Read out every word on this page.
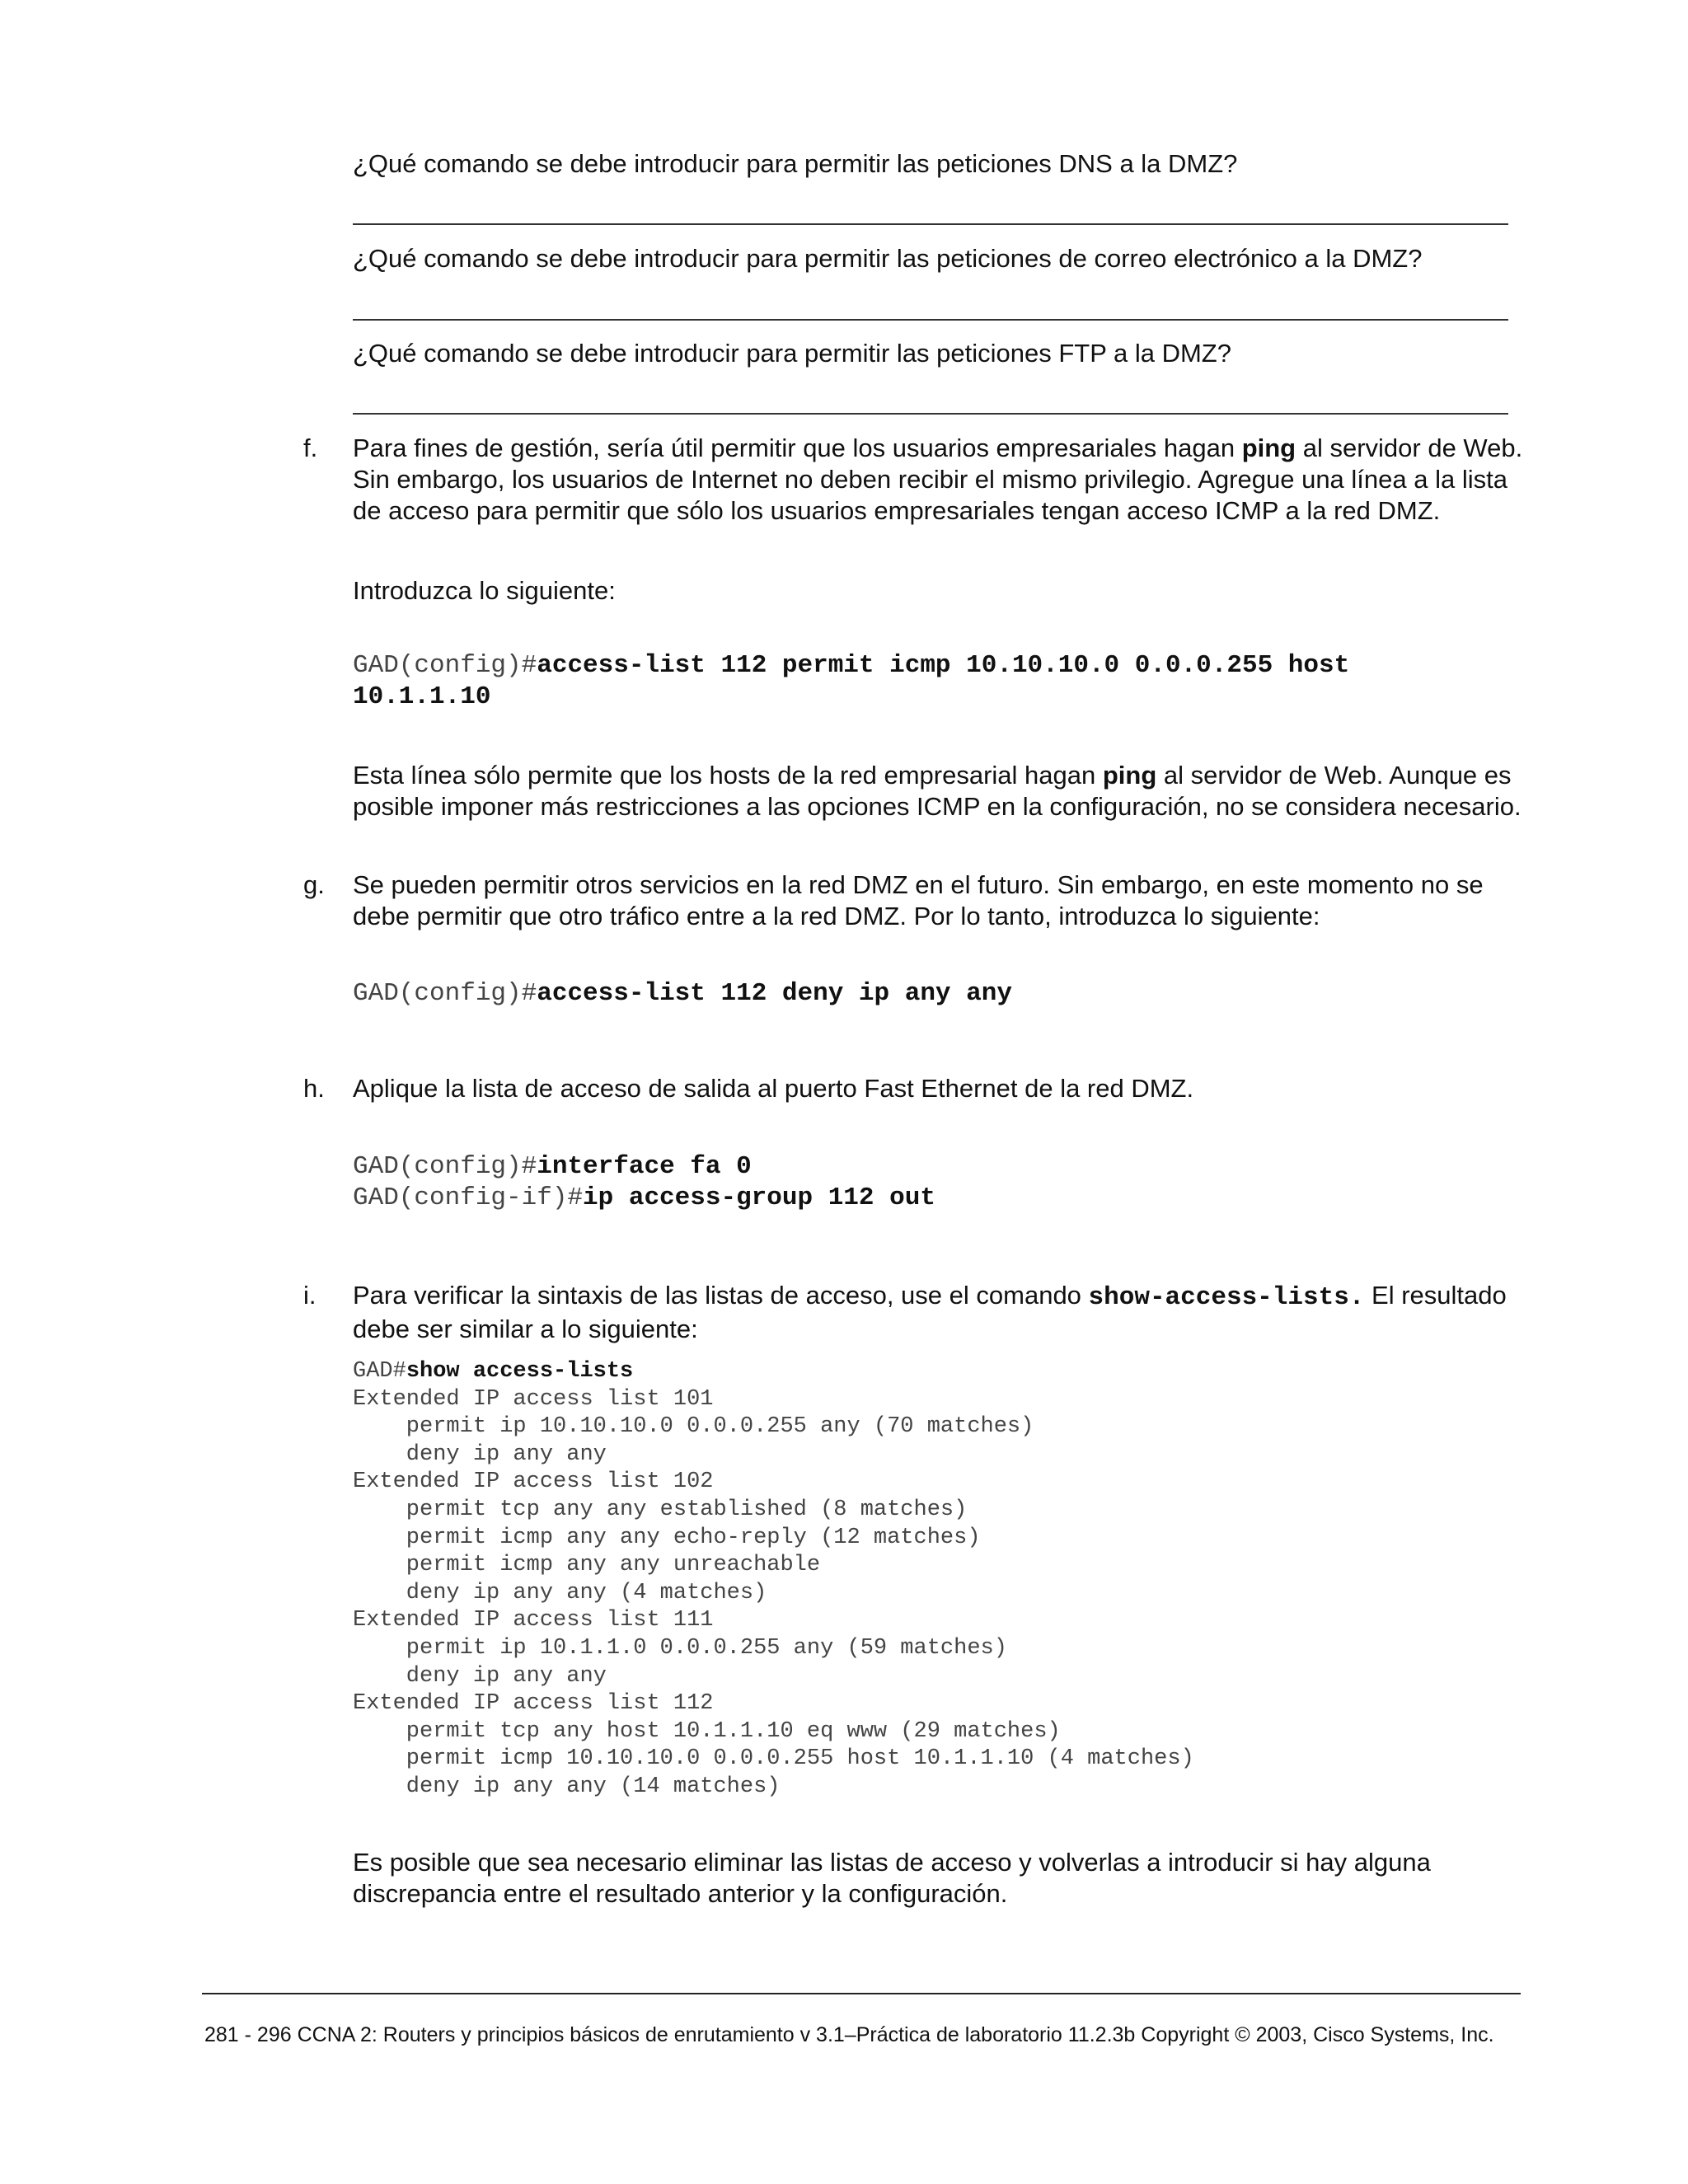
¿Qué comando se debe introducir para permitir las peticiones DNS a la DMZ?

¿Qué comando se debe introducir para permitir las peticiones de correo electrónico a la DMZ?

¿Qué comando se debe introducir para permitir las peticiones FTP a la DMZ?

f. Para fines de gestión, sería útil permitir que los usuarios empresariales hagan ping al servidor de Web. Sin embargo, los usuarios de Internet no deben recibir el mismo privilegio. Agregue una línea a la lista de acceso para permitir que sólo los usuarios empresariales tengan acceso ICMP a la red DMZ.

Introduzca lo siguiente:

GAD(config)#access-list 112 permit icmp 10.10.10.0 0.0.0.255 host
10.1.1.10

Esta línea sólo permite que los hosts de la red empresarial hagan ping al servidor de Web. Aunque es posible imponer más restricciones a las opciones ICMP en la configuración, no se considera necesario.

g. Se pueden permitir otros servicios en la red DMZ en el futuro. Sin embargo, en este momento no se debe permitir que otro tráfico entre a la red DMZ. Por lo tanto, introduzca lo siguiente:

GAD(config)#access-list 112 deny ip any any
h. Aplique la lista de acceso de salida al puerto Fast Ethernet de la red DMZ.

GAD(config)#interface fa 0
GAD(config-if)#ip access-group 112 out
i. Para verificar la sintaxis de las listas de acceso, use el comando show-access-lists. El resultado debe ser similar a lo siguiente:

GAD#show access-lists
Extended IP access list 101
permit ip 10.10.10.0 0.0.0.255 any (70 matches)
deny ip any any
Extended IP access list 102
permit tcp any any established (8 matches)
permit icmp any any echo-reply (12 matches)
permit icmp any any unreachable
deny ip any any (4 matches)
Extended IP access list 111
permit ip 10.1.1.0 0.0.0.255 any (59 matches)
deny ip any any
Extended IP access list 112
permit tcp any host 10.1.1.10 eq www (29 matches)
permit icmp 10.10.10.0 0.0.0.255 host 10.1.1.10 (4 matches)
deny ip any any (14 matches)

Es posible que sea necesario eliminar las listas de acceso y volverlas a introducir si hay alguna discrepancia entre el resultado anterior y la configuración.

281 - 296 CCNA 2: Routers y principios básicos de enrutamiento v 3.1–Práctica de laboratorio 11.2.3b Copyright © 2003, Cisco Systems, Inc.
